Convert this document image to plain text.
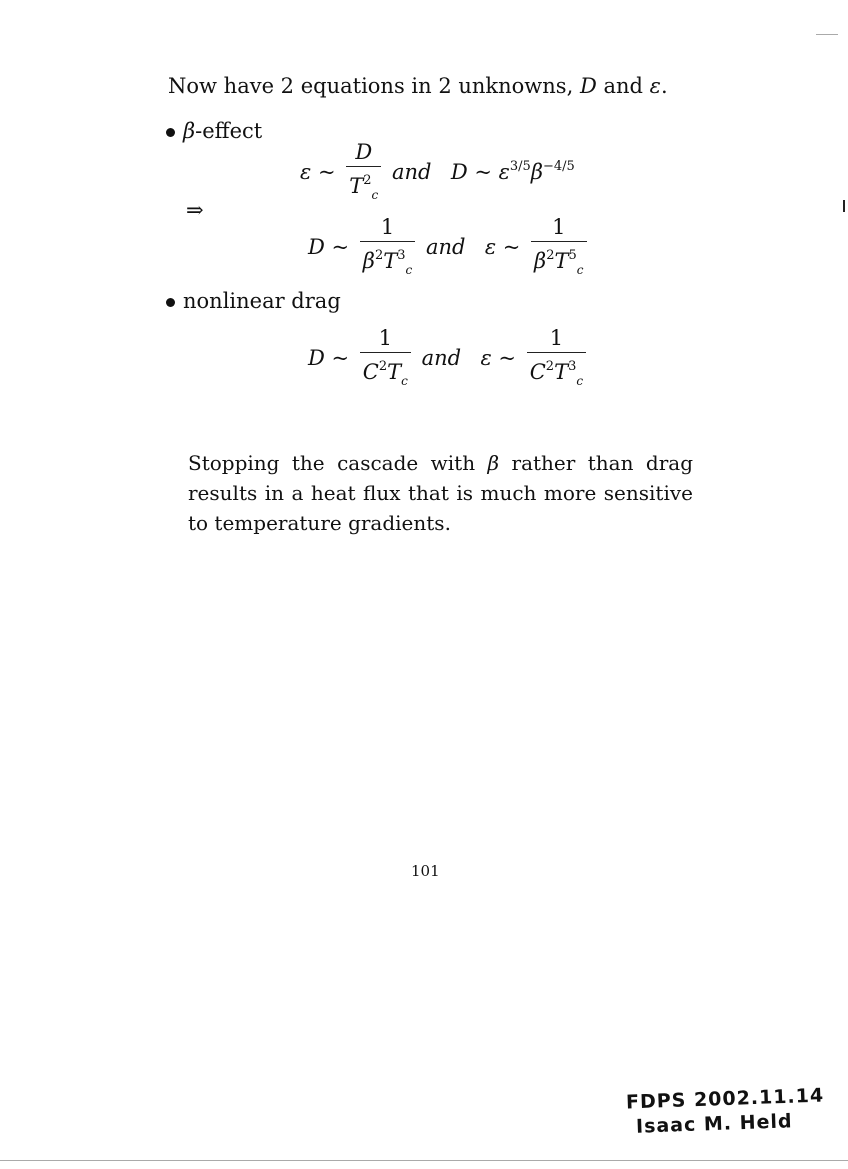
Now have 2 equations in 2 unknowns, D and ε.
β-effect
ε ~ $\frac{D}{T^2_c}$ and D ~ $\varepsilon^{3/5}\beta^{-4/5}$
⇒
D ~ $\frac{1}{\beta^2T^3_c}$ and ε ~ $\frac{1}{\beta^2T^5_c}$
nonlinear drag
D ~ $\frac{1}{C^2T_c}$ and ε ~ $\frac{1}{C^2T^3_c}$
Stopping the cascade with β rather than drag results in a heat flux that is much more sensitive to temperature gradients.
101
FDPS 2002.11.14
Isaac M. Held
